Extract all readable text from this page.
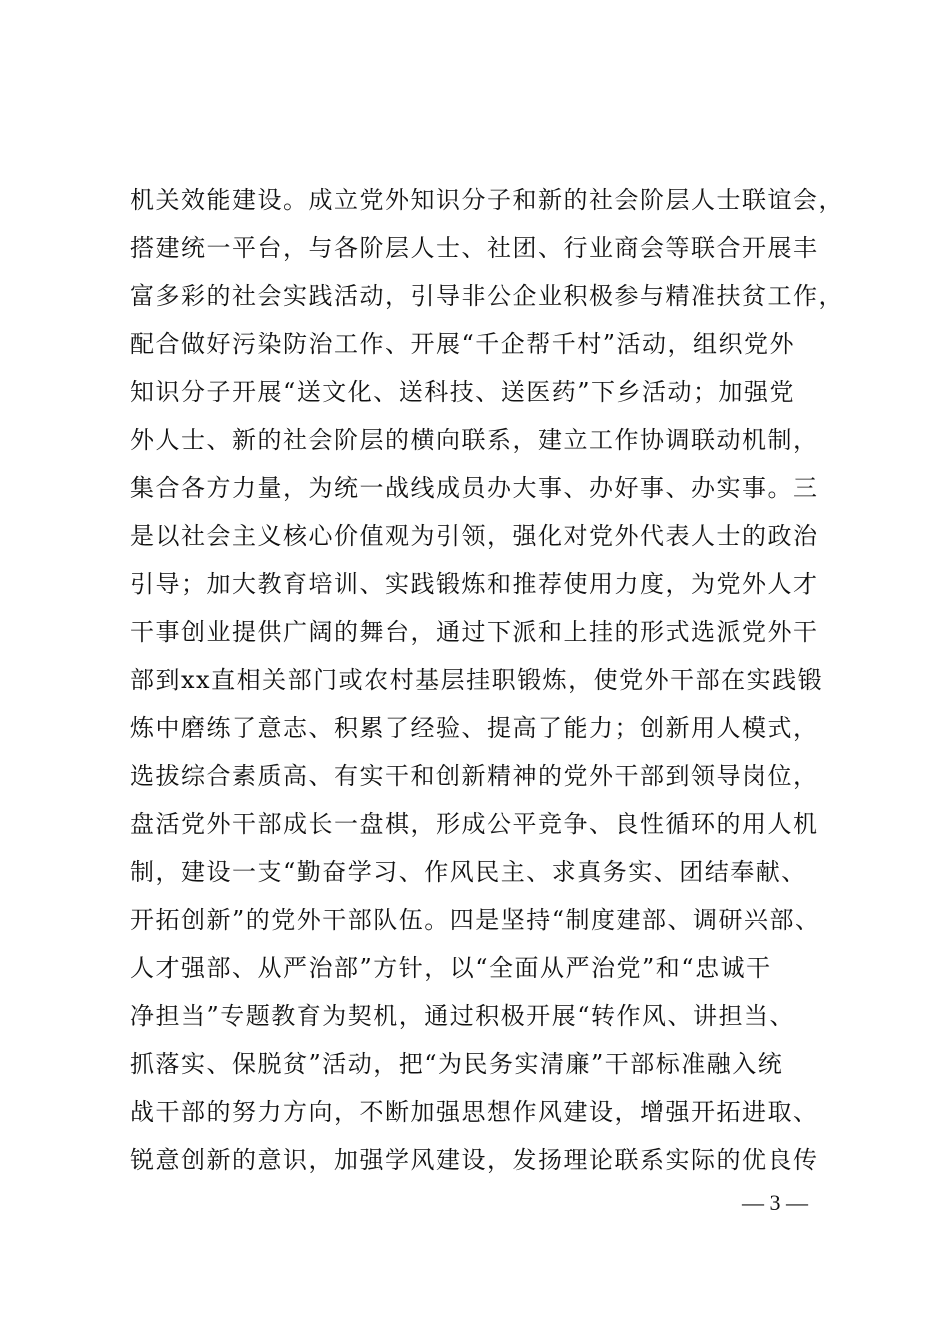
机关效能建设。成立党外知识分子和新的社会阶层人士联谊会，
搭建统一平台，与各阶层人士、社团、行业商会等联合开展丰
富多彩的社会实践活动，引导非公企业积极参与精准扶贫工作，
配合做好污染防治工作、开展“千企帮千村”活动，组织党外
知识分子开展“送文化、送科技、送医药”下乡活动；加强党
外人士、新的社会阶层的横向联系，建立工作协调联动机制，
集合各方力量，为统一战线成员办大事、办好事、办实事。三
是以社会主义核心价值观为引领，强化对党外代表人士的政治
引导；加大教育培训、实践锻炼和推荐使用力度，为党外人才
干事创业提供广阔的舞台，通过下派和上挂的形式选派党外干
部到xx直相关部门或农村基层挂职锻炼，使党外干部在实践锻
炼中磨练了意志、积累了经验、提高了能力；创新用人模式，
选拔综合素质高、有实干和创新精神的党外干部到领导岗位，
盘活党外干部成长一盘棋，形成公平竞争、良性循环的用人机
制，建设一支“勤奋学习、作风民主、求真务实、团结奉献、
开拓创新”的党外干部队伍。四是坚持“制度建部、调研兴部、
人才强部、从严治部”方针，以“全面从严治党”和“忠诚干
净担当”专题教育为契机，通过积极开展“转作风、讲担当、
抓落实、保脱贫”活动，把“为民务实清廉”干部标准融入统
战干部的努力方向，不断加强思想作风建设，增强开拓进取、
锐意创新的意识，加强学风建设，发扬理论联系实际的优良传
— 3 —
